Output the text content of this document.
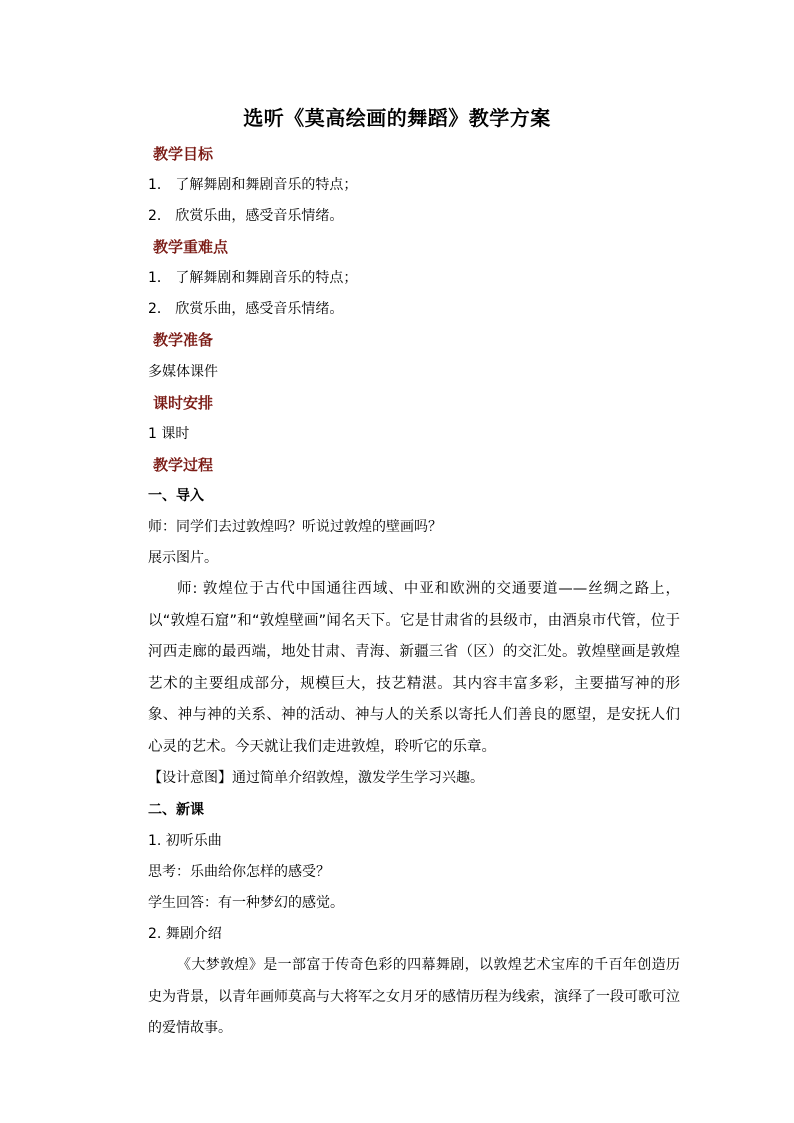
选听《莫高绘画的舞蹈》教学方案
教学目标
1． 了解舞剧和舞剧音乐的特点；
2． 欣赏乐曲，感受音乐情绪。
教学重难点
1． 了解舞剧和舞剧音乐的特点；
2． 欣赏乐曲，感受音乐情绪。
教学准备
多媒体课件
课时安排
1 课时
教学过程
一、导入
师：同学们去过敦煌吗？听说过敦煌的壁画吗？
展示图片。
师: 敦煌位于古代中国通往西域、中亚和欧洲的交通要道——丝绸之路上，以“敦煌石窟”和“敦煌壁画”闻名天下。它是甘肃省的县级市，由酒泉市代管，位于河西走廊的最西端，地处甘肃、青海、新疆三省（区）的交汇处。敦煌壁画是敦煌艺术的主要组成部分，规模巨大，技艺精湛。其内容丰富多彩，主要描写神的形象、神与神的关系、神的活动、神与人的关系以寄托人们善良的愿望，是安抚人们心灵的艺术。今天就让我们走进敦煌，聆听它的乐章。
【设计意图】通过简单介绍敦煌，激发学生学习兴趣。
二、新课
1. 初听乐曲
思考：乐曲给你怎样的感受？
学生回答：有一种梦幻的感觉。
2. 舞剧介绍
《大梦敦煌》是一部富于传奇色彩的四幕舞剧，以敦煌艺术宝库的千百年创造历史为背景，以青年画师莫高与大将军之女月牙的感情历程为线索，演绎了一段可歌可泣的爱情故事。
